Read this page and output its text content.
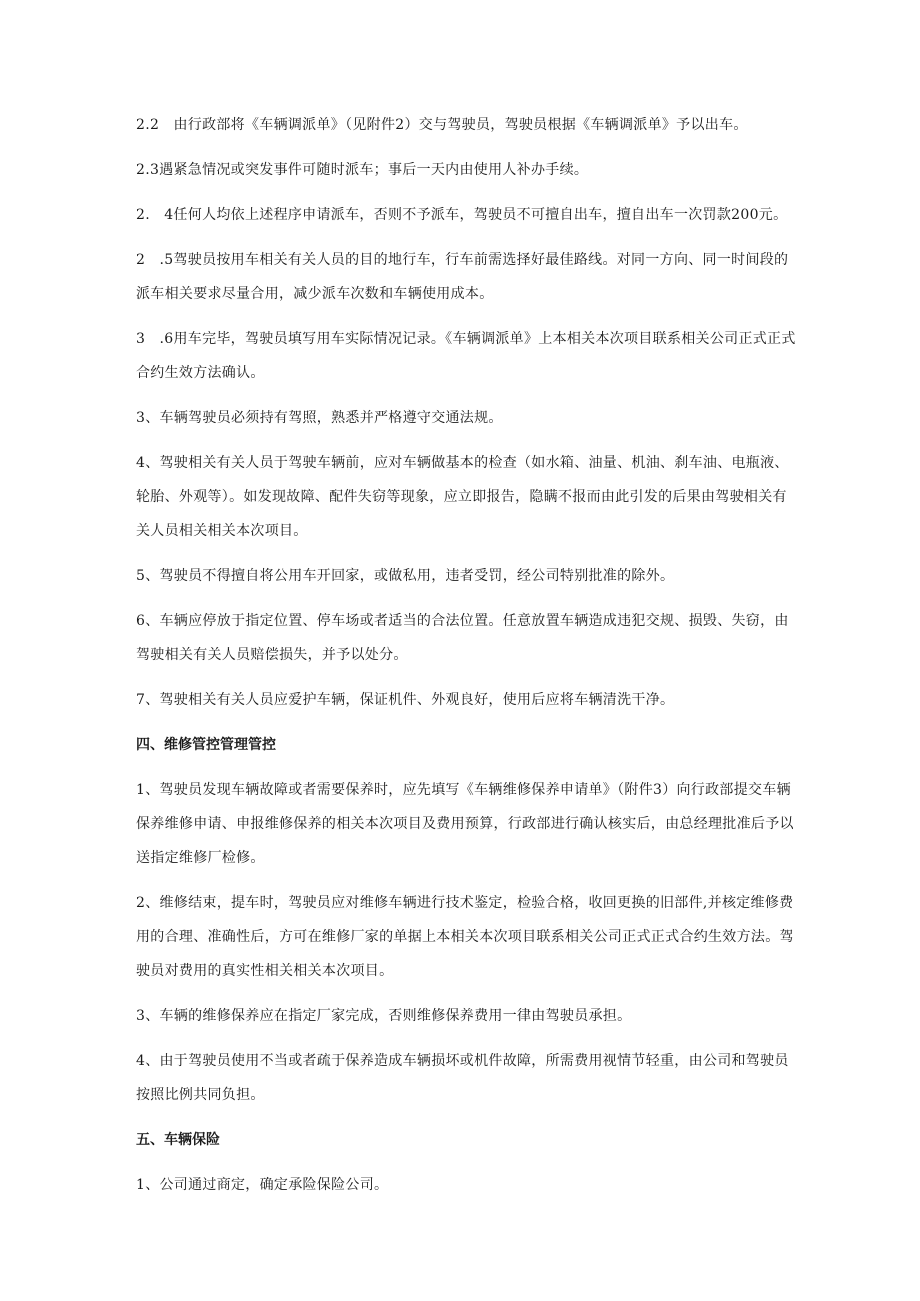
2.2　由行政部将《车辆调派单》（见附件2）交与驾驶员，驾驶员根据《车辆调派单》予以出车。

2.3遇紧急情况或突发事件可随时派车；事后一天内由使用人补办手续。

2.　4任何人均依上述程序申请派车，否则不予派车，驾驶员不可擅自出车，擅自出车一次罚款200元。

2　.5驾驶员按用车相关有关人员的目的地行车，行车前需选择好最佳路线。对同一方向、同一时间段的派车相关要求尽量合用，减少派车次数和车辆使用成本。

3　.6用车完毕，驾驶员填写用车实际情况记录。《车辆调派单》上本相关本次项目联系相关公司正式正式合约生效方法确认。

3、车辆驾驶员必须持有驾照，熟悉并严格遵守交通法规。

4、驾驶相关有关人员于驾驶车辆前，应对车辆做基本的检查（如水箱、油量、机油、刹车油、电瓶液、轮胎、外观等）。如发现故障、配件失窃等现象，应立即报告，隐瞒不报而由此引发的后果由驾驶相关有关人员相关相关本次项目。

5、驾驶员不得擅自将公用车开回家，或做私用，违者受罚，经公司特别批准的除外。

6、车辆应停放于指定位置、停车场或者适当的合法位置。任意放置车辆造成违犯交规、损毁、失窃，由驾驶相关有关人员赔偿损失，并予以处分。

7、驾驶相关有关人员应爱护车辆，保证机件、外观良好，使用后应将车辆清洗干净。

四、维修管控管理管控

1、驾驶员发现车辆故障或者需要保养时，应先填写《车辆维修保养申请单》（附件3）向行政部提交车辆保养维修申请、申报维修保养的相关本次项目及费用预算，行政部进行确认核实后，由总经理批准后予以送指定维修厂检修。

2、维修结束，提车时，驾驶员应对维修车辆进行技术鉴定，检验合格，收回更换的旧部件,并核定维修费用的合理、准确性后，方可在维修厂家的单据上本相关本次项目联系相关公司正式正式合约生效方法。驾驶员对费用的真实性相关相关本次项目。

3、车辆的维修保养应在指定厂家完成，否则维修保养费用一律由驾驶员承担。

4、由于驾驶员使用不当或者疏于保养造成车辆损坏或机件故障，所需费用视情节轻重，由公司和驾驶员按照比例共同负担。

五、车辆保险

1、公司通过商定，确定承险保险公司。
